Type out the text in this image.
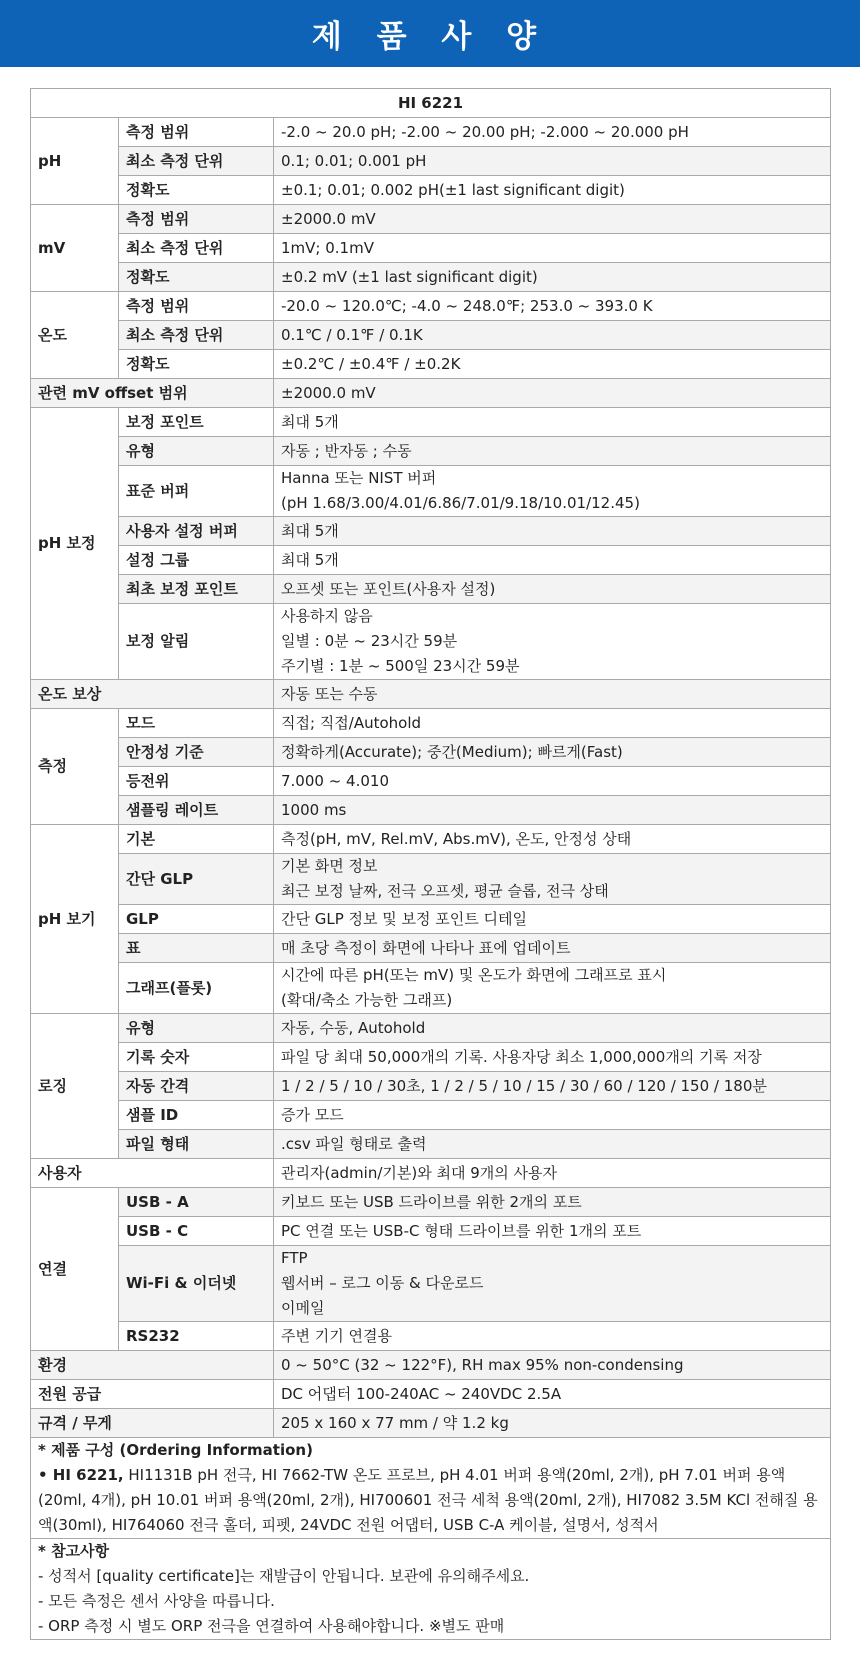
제 품 사 양
HI 6221		
pH	측정 범위	-2.0 ~ 20.0 pH; -2.00 ~ 20.00 pH; -2.000 ~ 20.000 pH

	최소 측정 단위	0.1; 0.01; 0.001 pH

	정확도	±0.1; 0.01; 0.002 pH(±1 last significant digit)

mV	측정 범위	±2000.0 mV

	최소 측정 단위	1mV; 0.1mV

	정확도	±0.2 mV (±1 last significant digit)

온도	측정 범위	-20.0 ~ 120.0℃; -4.0 ~ 248.0℉; 253.0 ~ 393.0 K

	최소 측정 단위	0.1℃ / 0.1℉ / 0.1K

	정확도	±0.2℃ / ±0.4℉ / ±0.2K

관련 mV offset 범위		±2000.0 mV

pH 보정	보정 포인트	최대 5개

	유형	자동 ; 반자동 ; 수동

	표준 버퍼	Hanna 또는 NIST 버퍼
(pH 1.68/3.00/4.01/6.86/7.01/9.18/10.01/12.45)

	사용자 설정 버퍼	최대 5개

	설정 그룹	최대 5개

	최초 보정 포인트	오프셋 또는 포인트(사용자 설정)

	보정 알림	사용하지 않음
일별 : 0분 ~ 23시간 59분
주기별 : 1분 ~ 500일 23시간 59분

온도 보상		자동 또는 수동

측정	모드	직접; 직접/Autohold

	안정성 기준	정확하게(Accurate); 중간(Medium); 빠르게(Fast)

	등전위	7.000 ~ 4.010

	샘플링 레이트	1000 ms

pH 보기	기본	측정(pH, mV, Rel.mV, Abs.mV), 온도, 안정성 상태

	간단 GLP	기본 화면 정보
최근 보정 날짜, 전극 오프셋, 평균 슬롭, 전극 상태

	GLP	간단 GLP 정보 및 보정 포인트 디테일

	표	매 초당 측정이 화면에 나타나 표에 업데이트

	그래프(플롯)	시간에 따른 pH(또는 mV) 및 온도가 화면에 그래프로 표시
(확대/축소 가능한 그래프)

로징	유형	자동, 수동, Autohold

	기록 숫자	파일 당 최대 50,000개의 기록. 사용자당 최소 1,000,000개의 기록 저장

	자동 간격	1 / 2 / 5 / 10 / 30초, 1 / 2 / 5 / 10 / 15 / 30 / 60 / 120 / 150 / 180분

	샘플 ID	증가 모드

	파일 형태	.csv 파일 형태로 출력

사용자		관리자(admin/기본)와 최대 9개의 사용자

연결	USB - A	키보드 또는 USB 드라이브를 위한 2개의 포트

	USB - C	PC 연결 또는 USB-C 형태 드라이브를 위한 1개의 포트

	Wi-Fi & 이더넷	FTP
웹서버 – 로그 이동 & 다운로드
이메일

	RS232	주변 기기 연결용

환경		0 ~ 50°C (32 ~ 122°F), RH max 95% non-condensing

전원 공급		DC 어댑터 100-240AC ~ 240VDC 2.5A

규격 / 무게		205 x 160 x 77 mm / 약 1.2 kg

* 제품 구성 (Ordering Information)
• HI 6221, HI1131B pH 전극, HI 7662-TW 온도 프로브, pH 4.01 버퍼 용액(20ml, 2개), pH 7.01 버퍼 용액(20ml, 4개), pH 10.01 버퍼 용액(20ml, 2개), HI700601 전극 세척 용액(20ml, 2개), HI7082 3.5M KCl 전해질 용액(30ml), HI764060 전극 홀더, 피펫, 24VDC 전원 어댑터, USB C-A 케이블, 설명서, 성적서		

* 참고사항
- 성적서 [quality certificate]는 재발급이 안됩니다. 보관에 유의해주세요.
- 모든 측정은 센서 사양을 따릅니다.
- ORP 측정 시 별도 ORP 전극을 연결하여 사용해야합니다. ※별도 판매		
